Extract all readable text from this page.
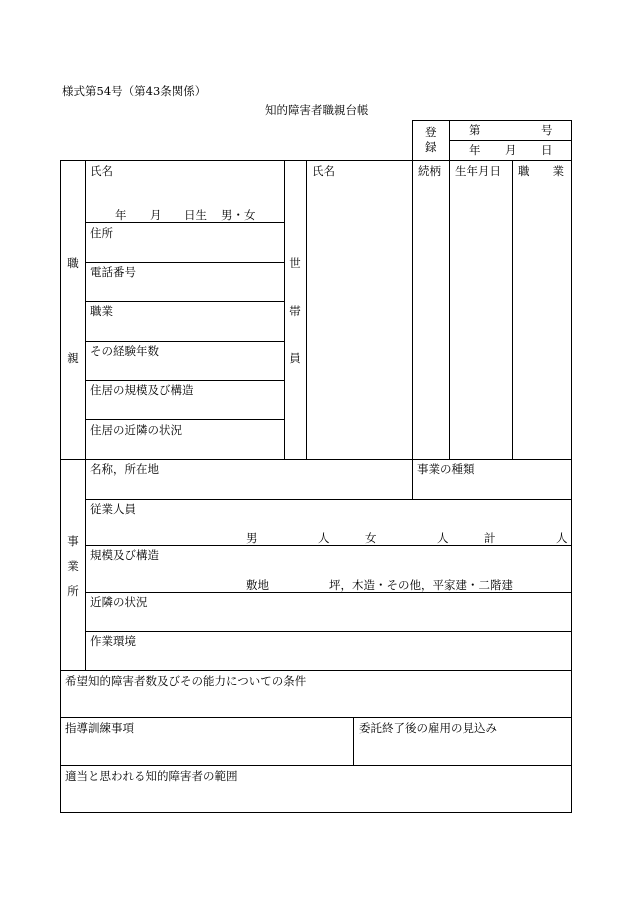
様式第54号（第43条関係）
知的障害者職親台帳
登
録
第	号
年 月 日
職
親
氏名
年 月 日生 男・女
住所
電話番号
職業
その経験年数
住居の規模及び構造
住居の近隣の状況
世
帯
員
氏名	続柄 生年月日 職　　業
事
業
所
名称，所在地	事業の種類
従業人員
男	人	女	人	計	人
規模及び構造
敷地	坪，木造・その他，平家建・二階建
近隣の状況
作業環境
希望知的障害者数及びその能力についての条件
指導訓練事項	委託終了後の雇用の見込み
適当と思われる知的障害者の範囲
